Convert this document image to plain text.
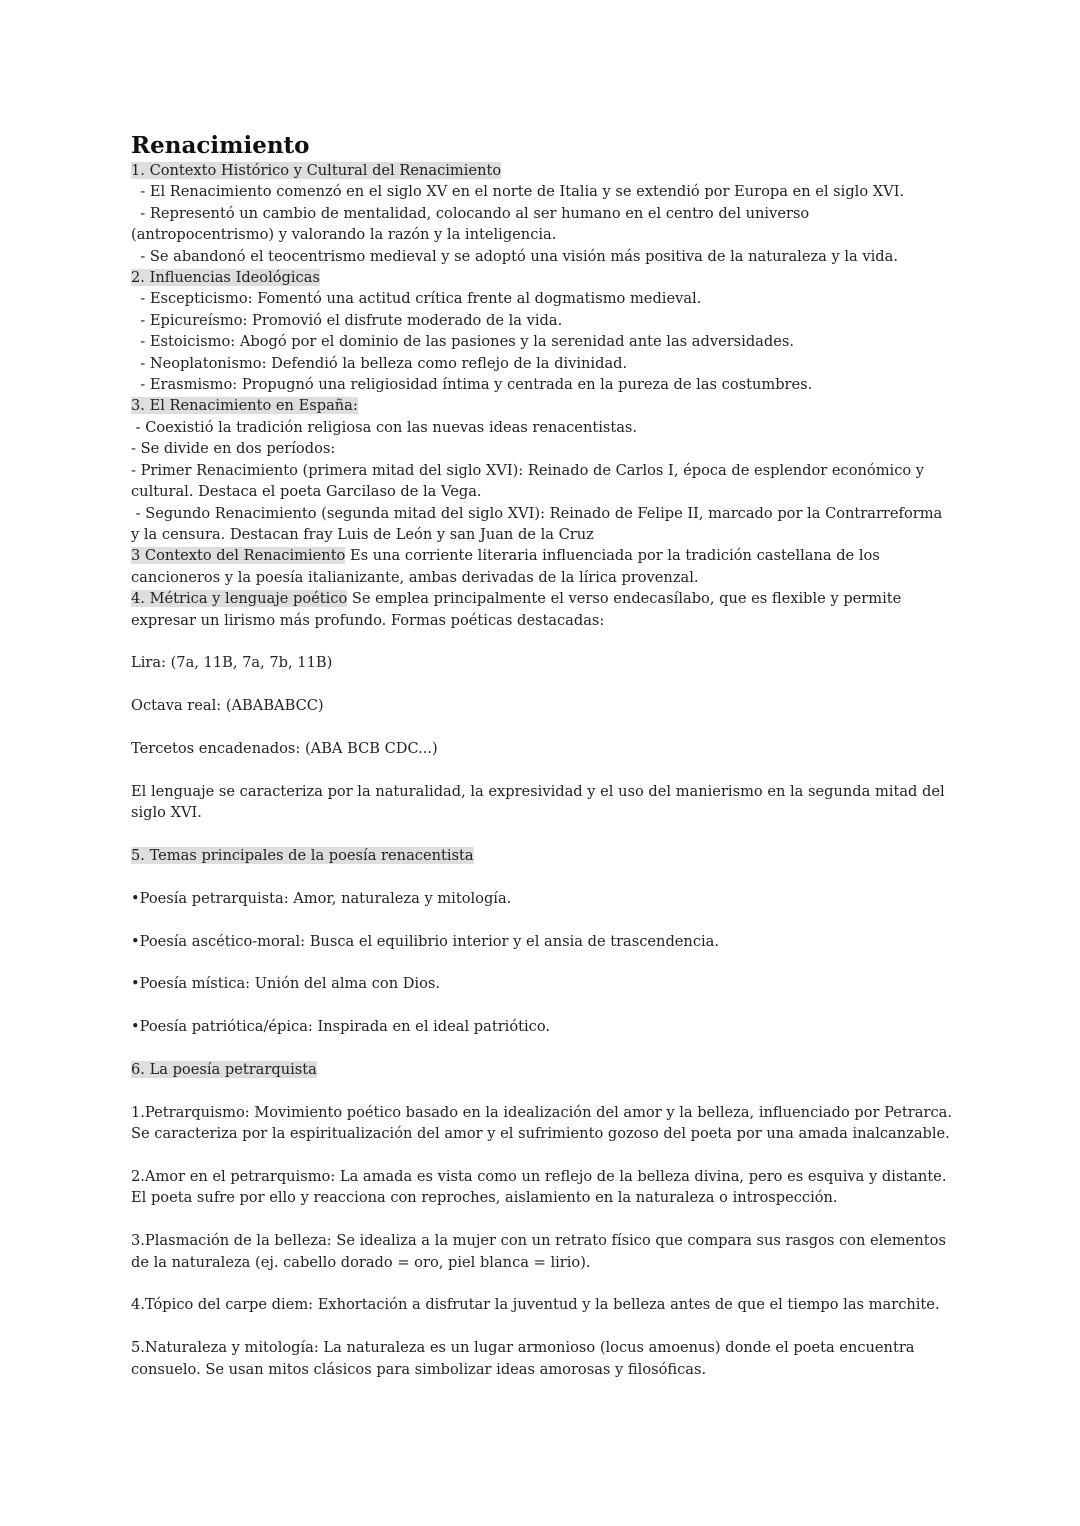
Renacimiento
1. Contexto Histórico y Cultural del Renacimiento
- El Renacimiento comenzó en el siglo XV en el norte de Italia y se extendió por Europa en el siglo XVI.
- Representó un cambio de mentalidad, colocando al ser humano en el centro del universo (antropocentrismo) y valorando la razón y la inteligencia.
- Se abandonó el teocentrismo medieval y se adoptó una visión más positiva de la naturaleza y la vida.
2. Influencias Ideológicas
- Escepticismo: Fomentó una actitud crítica frente al dogmatismo medieval.
- Epicureísmo: Promovió el disfrute moderado de la vida.
- Estoicismo: Abogó por el dominio de las pasiones y la serenidad ante las adversidades.
- Neoplatonismo: Defendió la belleza como reflejo de la divinidad.
- Erasmismo: Propugnó una religiosidad íntima y centrada en la pureza de las costumbres.
3. El Renacimiento en España:
- Coexistió la tradición religiosa con las nuevas ideas renacentistas.
- Se divide en dos períodos:
- Primer Renacimiento (primera mitad del siglo XVI): Reinado de Carlos I, época de esplendor económico y cultural. Destaca el poeta Garcilaso de la Vega.
- Segundo Renacimiento (segunda mitad del siglo XVI): Reinado de Felipe II, marcado por la Contrarreforma y la censura. Destacan fray Luis de León y san Juan de la Cruz
3 Contexto del Renacimiento Es una corriente literaria influenciada por la tradición castellana de los cancioneros y la poesía italianizante, ambas derivadas de la lírica provenzal.
4. Métrica y lenguaje poético Se emplea principalmente el verso endecasílabo, que es flexible y permite expresar un lirismo más profundo. Formas poéticas destacadas:
Lira: (7a, 11B, 7a, 7b, 11B)
Octava real: (ABABABCC)
Tercetos encadenados: (ABA BCB CDC...)
El lenguaje se caracteriza por la naturalidad, la expresividad y el uso del manierismo en la segunda mitad del siglo XVI.
5. Temas principales de la poesía renacentista
•Poesía petrarquista: Amor, naturaleza y mitología.
•Poesía ascético-moral: Busca el equilibrio interior y el ansia de trascendencia.
•Poesía mística: Unión del alma con Dios.
•Poesía patriótica/épica: Inspirada en el ideal patriótico.
6. La poesía petrarquista
1.Petrarquismo: Movimiento poético basado en la idealización del amor y la belleza, influenciado por Petrarca. Se caracteriza por la espiritualización del amor y el sufrimiento gozoso del poeta por una amada inalcanzable.
2.Amor en el petrarquismo: La amada es vista como un reflejo de la belleza divina, pero es esquiva y distante. El poeta sufre por ello y reacciona con reproches, aislamiento en la naturaleza o introspección.
3.Plasmación de la belleza: Se idealiza a la mujer con un retrato físico que compara sus rasgos con elementos de la naturaleza (ej. cabello dorado = oro, piel blanca = lirio).
4.Tópico del carpe diem: Exhortación a disfrutar la juventud y la belleza antes de que el tiempo las marchite.
5.Naturaleza y mitología: La naturaleza es un lugar armonioso (locus amoenus) donde el poeta encuentra consuelo. Se usan mitos clásicos para simbolizar ideas amorosas y filosóficas.
